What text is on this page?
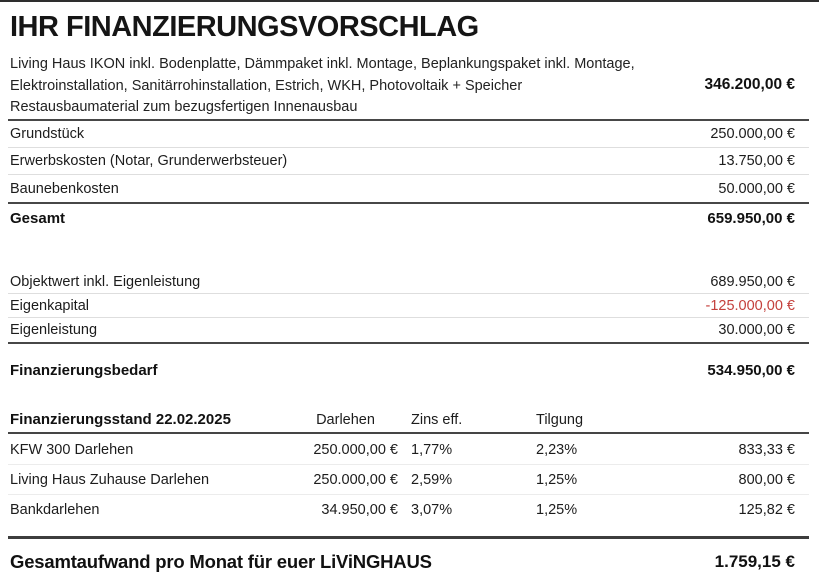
IHR FINANZIERUNGSVORSCHLAG
Living Haus IKON inkl. Bodenplatte, Dämmpaket inkl. Montage, Beplankungspaket inkl. Montage,
Elektroinstallation, Sanitärrohinstallation, Estrich, WKH, Photovoltaik + Speicher
Restausbaumaterial zum bezugsfertigen Innenausbau
346.200,00 €
Grundstück	250.000,00 €
Erwerbskosten (Notar, Grunderwerbsteuer)	13.750,00 €
Baunebenkosten	50.000,00 €
Gesamt	659.950,00 €
Objektwert inkl. Eigenleistung	689.950,00 €
Eigenkapital	-125.000,00 €
Eigenleistung	30.000,00 €
Finanzierungsbedarf	534.950,00 €
Finanzierungsstand 22.02.2025	Darlehen	Zins eff.	Tilgung
KFW 300 Darlehen	250.000,00 € 1,77%	2,23%	833,33 €
Living Haus Zuhause Darlehen	250.000,00 € 2,59%	1,25%	800,00 €
Bankdarlehen	34.950,00 € 3,07%	1,25%	125,82 €
Gesamtaufwand pro Monat für euer LiViNGHAUS	1.759,15 €
